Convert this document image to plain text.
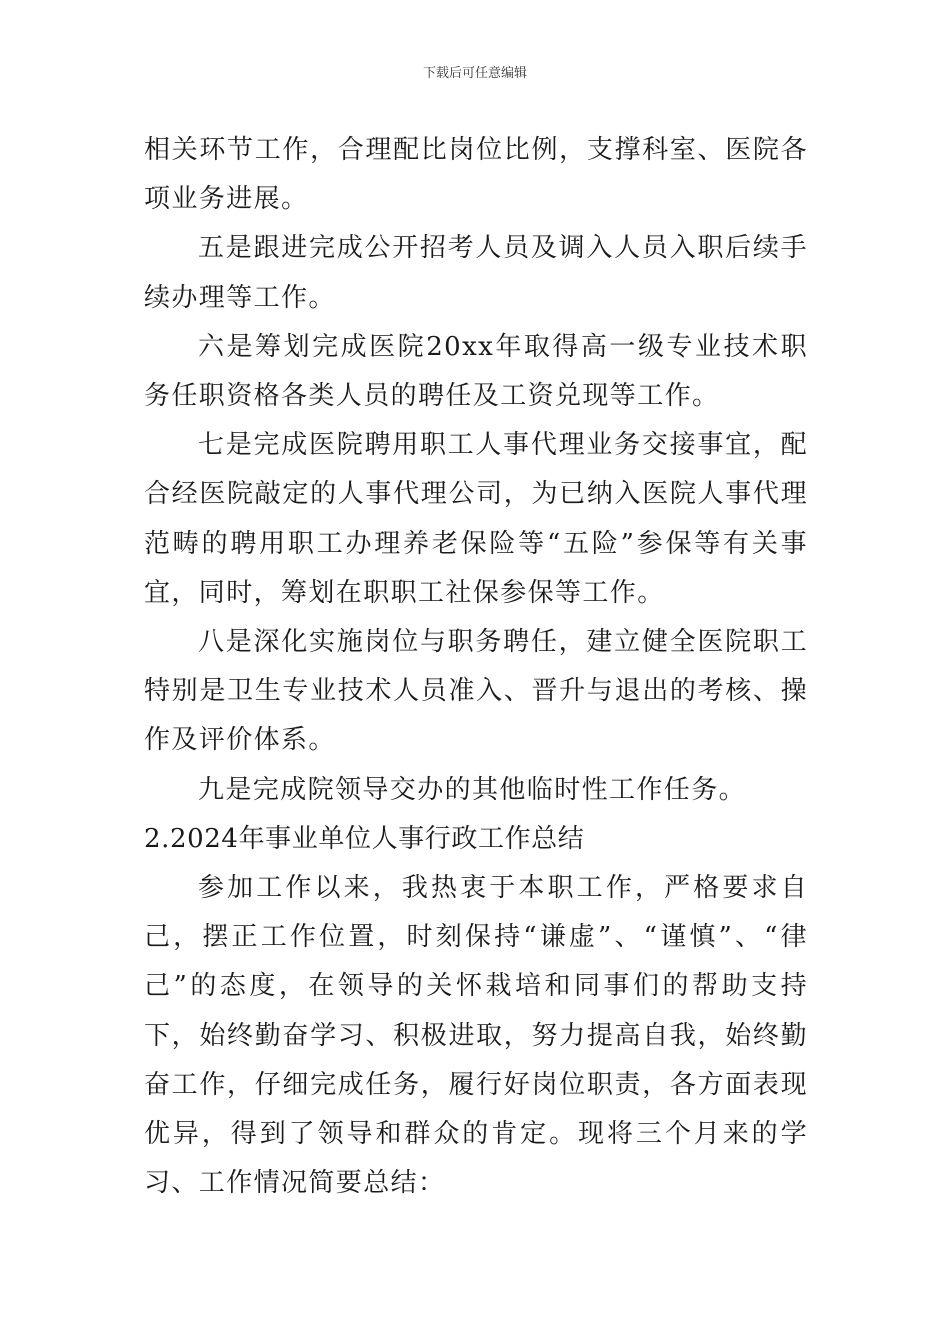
下载后可任意编辑

相关环节工作，合理配比岗位比例，支撑科室、医院各项业务进展。

五是跟进完成公开招考人员及调入人员入职后续手续办理等工作。

六是筹划完成医院20xx年取得高一级专业技术职务任职资格各类人员的聘任及工资兑现等工作。

七是完成医院聘用职工人事代理业务交接事宜，配合经医院敲定的人事代理公司，为已纳入医院人事代理范畴的聘用职工办理养老保险等“五险”参保等有关事宜，同时，筹划在职职工社保参保等工作。

八是深化实施岗位与职务聘任，建立健全医院职工特别是卫生专业技术人员准入、晋升与退出的考核、操作及评价体系。

九是完成院领导交办的其他临时性工作任务。

2.2024年事业单位人事行政工作总结

参加工作以来，我热衷于本职工作，严格要求自己，摆正工作位置，时刻保持“谦虚”、“谨慎”、“律己”的态度，在领导的关怀栽培和同事们的帮助支持下，始终勤奋学习、积极进取，努力提高自我，始终勤奋工作，仔细完成任务，履行好岗位职责，各方面表现优异，得到了领导和群众的肯定。现将三个月来的学习、工作情况简要总结：
